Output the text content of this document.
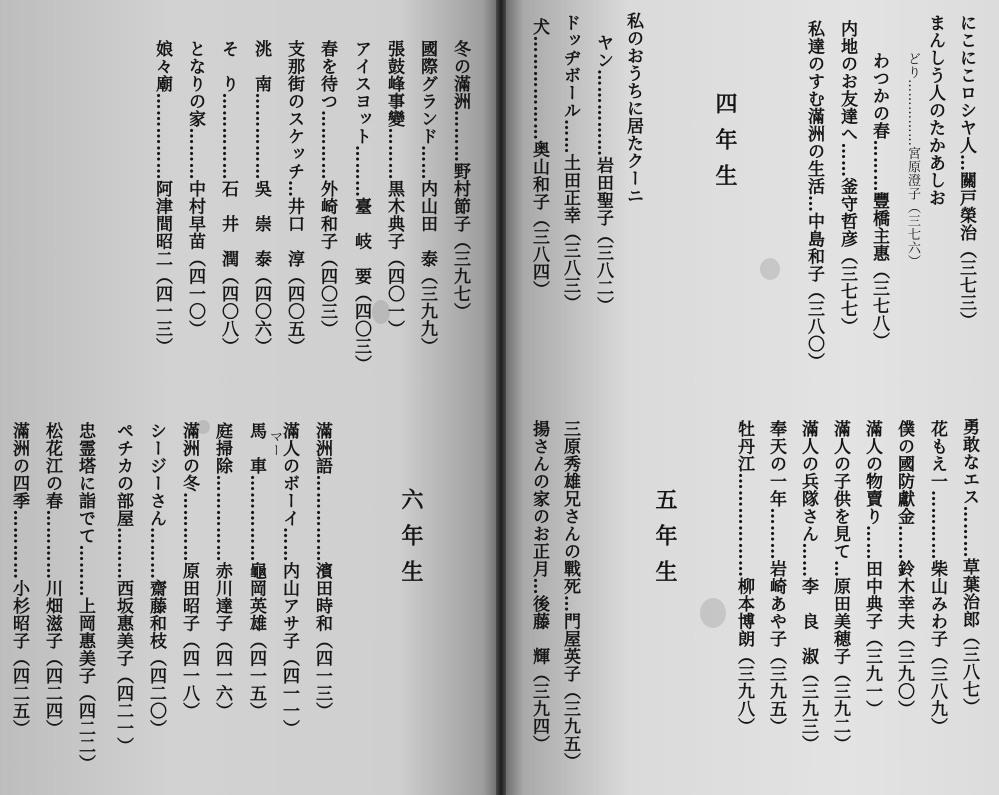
冬の滿洲………野村節子（三九七）
國際グランド……内山田　泰（三九九）
張鼓峰事變………黒木典子（四〇一）
アイスヨット………臺　岐　要（四〇三）
春を待つ…………外崎和子（四〇三）
支那街のスケッチ…井口　淳（四〇五）
洮　南……………吳　崇　泰（四〇六）
そ　り……………石　井　潤（四〇八）
となりの家………中村早苗（四一〇）
娘々廟……………阿津間昭二（四一三）
六年生
滿洲語……………濱田時和（四一三）
滿人のボーイ……内山アサ子（四一一）
マー
馬　車……………龜岡英雄（四一五）
庭掃除……………赤川達子（四一六）
滿洲の冬…………原田昭子（四一八）
シージーさん………齋藤和枝（四二〇）
ペチカの部屋………西坂惠美子（四二一）
忠霊塔に詣でて………上岡惠美子（四二二）
松花江の春…………川畑滋子（四二四）
滿洲の四季…………小杉昭子（四二五）
にこにこロシヤ人…關戸榮治（三七三）
まんしう人のたかあしお
どり……………宮原澄子（三七六）
わつかの春………豐橋主惠（三七八）
内地のお友達へ……釜守哲彦（三七七）
私達のすむ滿洲の生活…中島和子（三八〇）
四年生
私のおうちに居たクーニ
ヤン……………岩田聖子（三八二）
ドッヂボール……土田正幸（三八三）
犬………………奥山和子（三八四）
五年生	勇敢なエス………草葉治郎（三八七）
花もえ一…………柴山みわ子（三八九）
僕の國防獻金……鈴木幸夫（三九〇）
滿人の物賣り……田中典子（三九一）
滿人の子供を見て…原田美穂子（三九二）
滿人の兵隊さん……李　良　淑（三九三）
奉天の一年………岩崎あや子（三九五）
牡丹江………………柳本博朗（三九八）
三原秀雄兄さんの戰死…門屋英子（三九五）
揚さんの家のお正月…後藤　輝（三九四）
